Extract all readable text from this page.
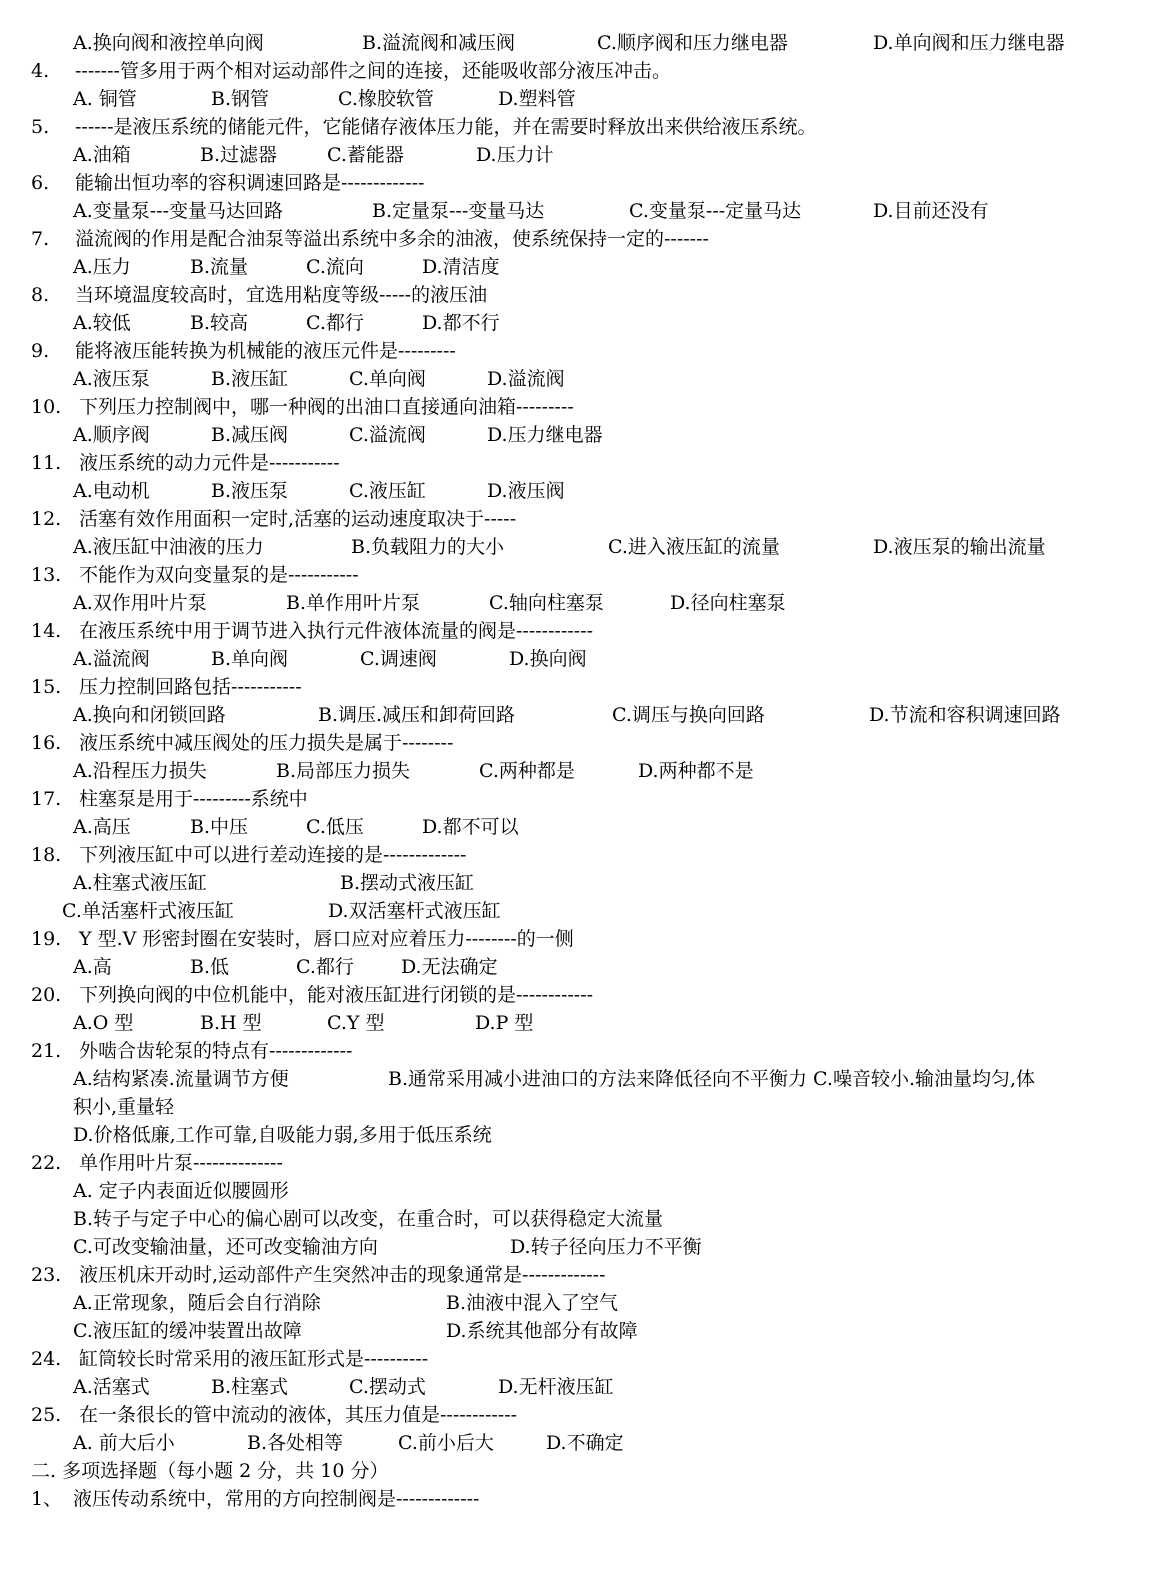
A.换向阀和液控单向阀	B.溢流阀和减压阀	C.顺序阀和压力继电器	D.单向阀和压力继电器
4. -------管多用于两个相对运动部件之间的连接，还能吸收部分液压冲击。
A. 铜管	B.钢管	C.橡胶软管	D.塑料管
5. ------是液压系统的储能元件，它能储存液体压力能，并在需要时释放出来供给液压系统。
A.油箱	B.过滤器	C.蓄能器	D.压力计
6. 能输出恒功率的容积调速回路是-------------
A.变量泵---变量马达回路	B.定量泵---变量马达	C.变量泵---定量马达	D.目前还没有
7. 溢流阀的作用是配合油泵等溢出系统中多余的油液，使系统保持一定的-------
A.压力	B.流量	C.流向	D.清洁度
8. 当环境温度较高时，宜选用粘度等级-----的液压油
A.较低	B.较高	C.都行	D.都不行
9. 能将液压能转换为机械能的液压元件是---------
A.液压泵	B.液压缸	C.单向阀	D.溢流阀
10. 下列压力控制阀中，哪一种阀的出油口直接通向油箱---------
A.顺序阀	B.减压阀	C.溢流阀	D.压力继电器
11. 液压系统的动力元件是-----------
A.电动机	B.液压泵	C.液压缸	D.液压阀
12. 活塞有效作用面积一定时,活塞的运动速度取决于-----
A.液压缸中油液的压力	B.负载阻力的大小	C.进入液压缸的流量	D.液压泵的输出流量
13. 不能作为双向变量泵的是-----------
A.双作用叶片泵	B.单作用叶片泵	C.轴向柱塞泵	D.径向柱塞泵
14. 在液压系统中用于调节进入执行元件液体流量的阀是------------
A.溢流阀	B.单向阀	C.调速阀	D.换向阀
15. 压力控制回路包括-----------
A.换向和闭锁回路	B.调压.减压和卸荷回路	C.调压与换向回路	D.节流和容积调速回路
16. 液压系统中减压阀处的压力损失是属于--------
A.沿程压力损失	B.局部压力损失	C.两种都是	D.两种都不是
17. 柱塞泵是用于---------系统中
A.高压	B.中压	C.低压	D.都不可以
18. 下列液压缸中可以进行差动连接的是-------------
A.柱塞式液压缸	B.摆动式液压缸
C.单活塞杆式液压缸	D.双活塞杆式液压缸
19. Y 型.V 形密封圈在安装时，唇口应对应着压力--------的一侧
A.高	B.低	C.都行 D.无法确定
20. 下列换向阀的中位机能中，能对液压缸进行闭锁的是------------
A.O 型	B.H 型	C.Y 型	D.P 型
21. 外啮合齿轮泵的特点有-------------
A.结构紧凑.流量调节方便	B.通常采用减小进油口的方法来降低径向不平衡力 C.噪音较小.输油量均匀,体
积小,重量轻
D.价格低廉,工作可靠,自吸能力弱,多用于低压系统
22. 单作用叶片泵--------------
A. 定子内表面近似腰圆形
B.转子与定子中心的偏心剧可以改变，在重合时，可以获得稳定大流量
C.可改变输油量，还可改变输油方向	D.转子径向压力不平衡
23. 液压机床开动时,运动部件产生突然冲击的现象通常是-------------
A.正常现象，随后会自行消除	B.油液中混入了空气
C.液压缸的缓冲装置出故障	D.系统其他部分有故障
24. 缸筒较长时常采用的液压缸形式是----------
A.活塞式	B.柱塞式	C.摆动式	D.无杆液压缸
25. 在一条很长的管中流动的液体，其压力值是------------
A. 前大后小	B.各处相等	C.前小后大	D.不确定
二. 多项选择题（每小题 2 分，共 10 分）
1、 液压传动系统中，常用的方向控制阀是-------------
